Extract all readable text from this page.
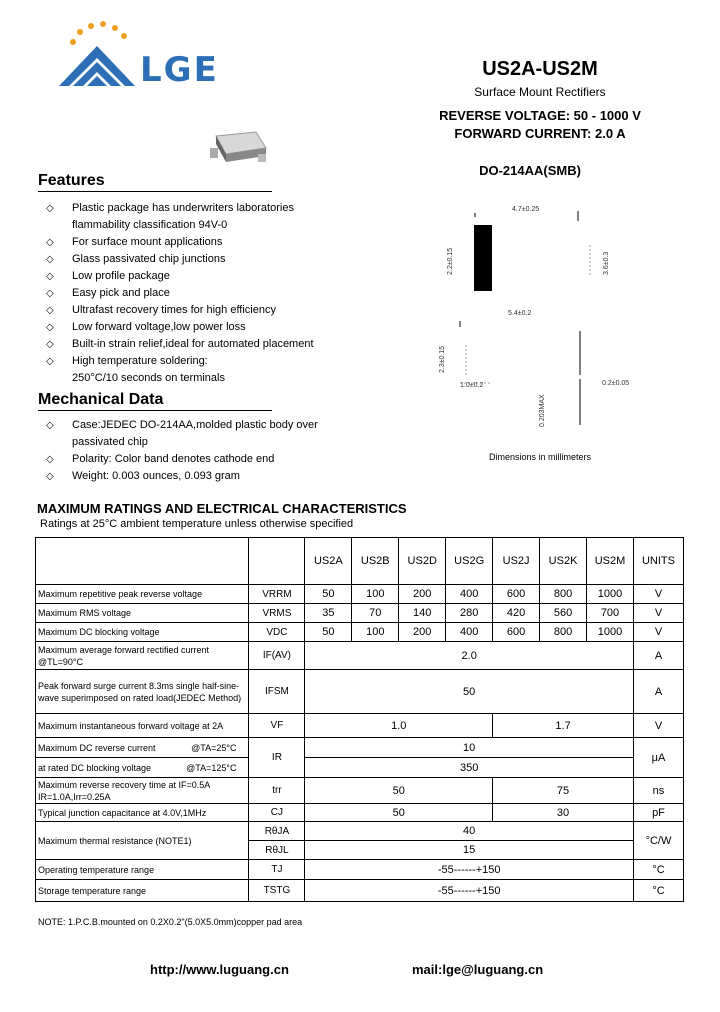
LGE	US2A-US2M
Surface Mount Rectifiers
REVERSE VOLTAGE: 50 - 1000 V
FORWARD CURRENT: 2.0 A
DO-214AA(SMB)
Features
◇ Plastic package has underwriters laboratories
flammability classification 94V-0
◇ For surface mount applications
◇ Glass passivated chip junctions
◇ Low profile package
◇ Easy pick and place
◇ Ultrafast recovery times for high efficiency
◇ Low forward voltage,low power loss
◇ Built-in strain relief,ideal for automated placement
◇ High temperature soldering:
250°C/10 seconds on terminals
Mechanical Data
◇ Case:JEDEC DO-214AA,molded plastic body over
passivated chip
◇ Polarity: Color band denotes cathode end
◇ Weight: 0.003 ounces, 0.093 gram
4.7±0.25
2.2±0.15	3.6±0.3
5.4±0.2
2.3±0.15
1.0±0.2	0.2±0.05
0.203MAX
Dimensions in millimeters
MAXIMUM RATINGS AND ELECTRICAL CHARACTERISTICS
Ratings at 25°C ambient temperature unless otherwise specified
		US2A	US2B	US2D	US2G	US2J	US2K	US2M	UNITS
Maximum repetitive peak reverse voltage	VRRM	50	100	200	400	600	800	1000	V
Maximum RMS voltage	VRMS	35	70	140	280	420	560	700	V
Maximum DC blocking voltage	VDC	50	100	200	400	600	800	1000	V
Maximum average forward rectified current @TL=90°C	IF(AV)	2.0							A
Peak forward surge current 8.3ms single half-sine-wave superimposed on rated load(JEDEC Method)	IFSM	50							A
Maximum instantaneous forward voltage at 2A	VF	1.0				1.7			V
Maximum DC reverse current @TA=25°C	IR	10							μA
at rated DC blocking voltage @TA=125°C		350							
Maximum reverse recovery time at IF=0.5A IR=1.0A,Irr=0.25A	trr	50				75			ns
Typical junction capacitance at 4.0V,1MHz	CJ	50				30			pF
Maximum thermal resistance (NOTE1)	RθJA	40							°C/W
	RθJL	15							
Operating temperature range	TJ	-55------+150							°C
Storage temperature range	TSTG	-55------+150							°C
NOTE: 1.P.C.B.mounted on 0.2X0.2"(5.0X5.0mm)copper pad area
http://www.luguang.cn	mail:lge@luguang.cn
